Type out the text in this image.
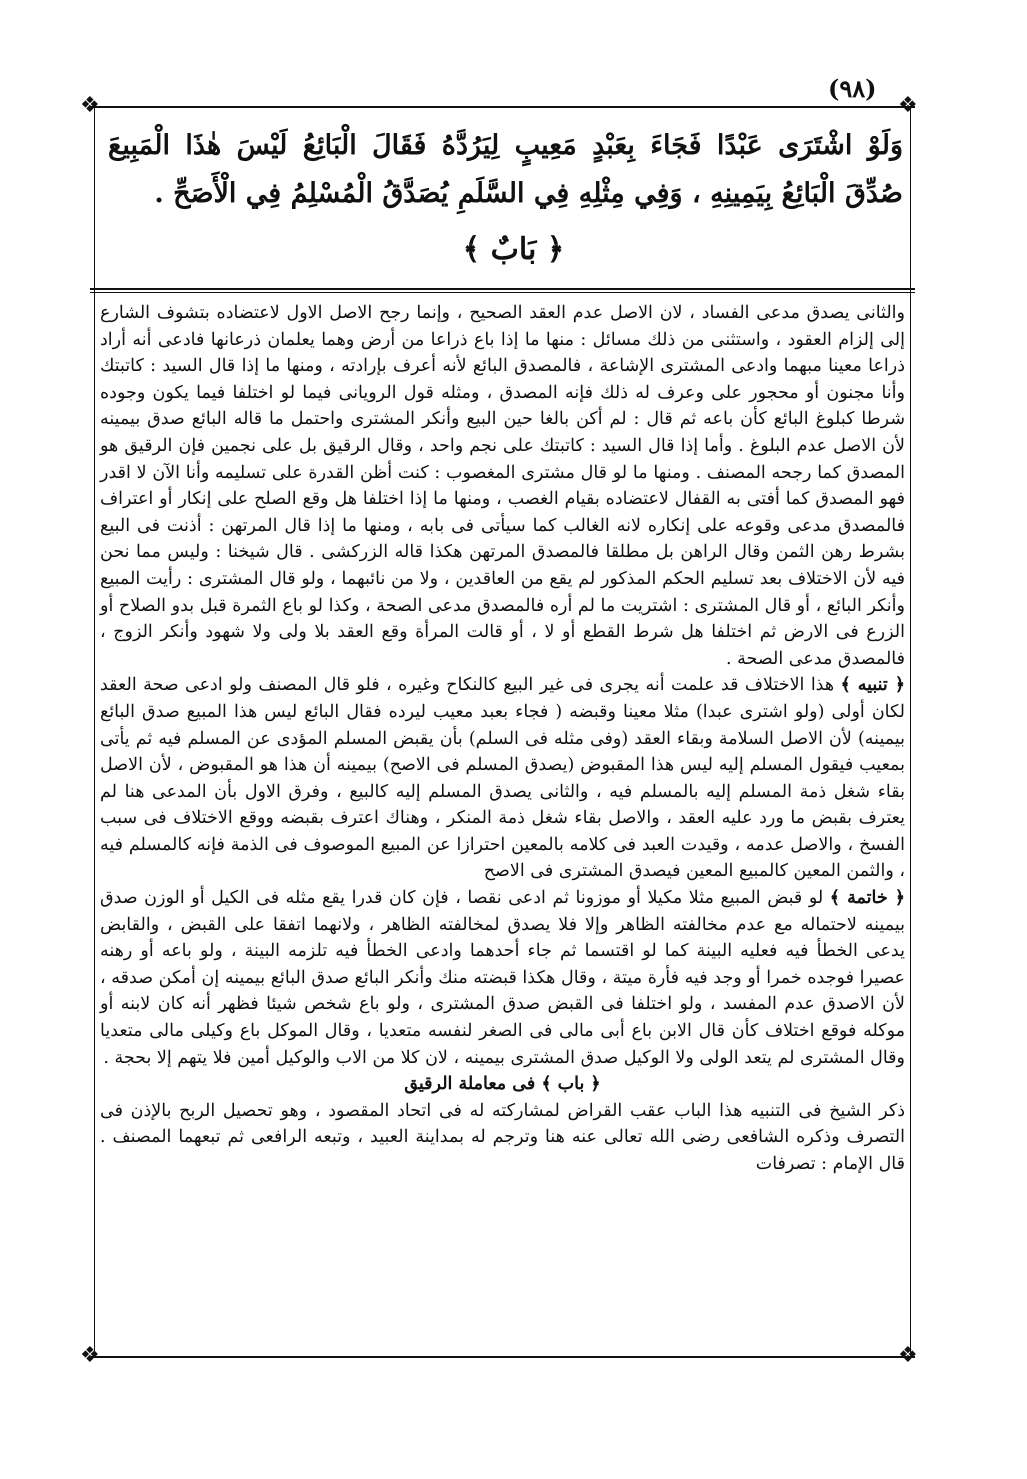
(٩٨)
❖	❖
❖	❖

وَلَوْ اشْتَرَى عَبْدًا فَجَاءَ بِعَبْدٍ مَعِيبٍ لِيَرُدَّهُ فَقَالَ الْبَائِعُ لَيْسَ هٰذَا الْمَبِيعَ صُدِّقَ الْبَائِعُ بِيَمِينِهِ ، وَفِي مِثْلِهِ فِي السَّلَمِ يُصَدَّقُ الْمُسْلِمُ فِي الْأَصَحِّ .

﴿ بَابٌ ﴾

والثانى يصدق مدعى الفساد ، لان الاصل عدم العقد الصحيح ، وإنما رجح الاصل الاول لاعتضاده بتشوف الشارع إلى إلزام العقود ، واستثنى من ذلك مسائل : منها ما إذا باع ذراعا من أرض وهما يعلمان ذرعانها فادعى أنه أراد ذراعا معينا مبهما وادعى المشترى الإشاعة ، فالمصدق البائع لأنه أعرف بإرادته ، ومنها ما إذا قال السيد : كاتبتك وأنا مجنون أو محجور على وعرف له ذلك فإنه المصدق ، ومثله قول الرويانى فيما لو اختلفا فيما يكون وجوده شرطا كبلوغ البائع كأن باعه ثم قال : لم أكن بالغا حين البيع وأنكر المشترى واحتمل ما قاله البائع صدق بيمينه لأن الاصل عدم البلوغ . وأما إذا قال السيد : كاتبتك على نجم واحد ، وقال الرقيق بل على نجمين فإن الرقيق هو المصدق كما رجحه المصنف . ومنها ما لو قال مشترى المغصوب : كنت أظن القدرة على تسليمه وأنا الآن لا اقدر فهو المصدق كما أفتى به القفال لاعتضاده بقيام الغصب ، ومنها ما إذا اختلفا هل وقع الصلح على إنكار أو اعتراف فالمصدق مدعى وقوعه على إنكاره لانه الغالب كما سيأتى فى بابه ، ومنها ما إذا قال المرتهن : أذنت فى البيع بشرط رهن الثمن وقال الراهن بل مطلقا فالمصدق المرتهن هكذا قاله الزركشى . قال شيخنا : وليس مما نحن فيه لأن الاختلاف بعد تسليم الحكم المذكور لم يقع من العاقدين ، ولا من نائبهما ، ولو قال المشترى : رأيت المبيع وأنكر البائع ، أو قال المشترى : اشتريت ما لم أره فالمصدق مدعى الصحة ، وكذا لو باع الثمرة قبل بدو الصلاح أو الزرع فى الارض ثم اختلفا هل شرط القطع أو لا ، أو قالت المرأة وقع العقد بلا ولى ولا شهود وأنكر الزوج ، فالمصدق مدعى الصحة .

﴿ تنبيه ﴾ هذا الاختلاف قد علمت أنه يجرى فى غير البيع كالنكاح وغيره ، فلو قال المصنف ولو ادعى صحة العقد لكان أولى (ولو اشترى عبدا) مثلا معينا وقبضه ( فجاء بعبد معيب ليرده فقال البائع ليس هذا المبيع صدق البائع بيمينه) لأن الاصل السلامة وبقاء العقد (وفى مثله فى السلم) بأن يقبض المسلم المؤدى عن المسلم فيه ثم يأتى بمعيب فيقول المسلم إليه ليس هذا المقبوض (يصدق المسلم فى الاصح) بيمينه أن هذا هو المقبوض ، لأن الاصل بقاء شغل ذمة المسلم إليه بالمسلم فيه ، والثانى يصدق المسلم إليه كالبيع ، وفرق الاول بأن المدعى هنا لم يعترف بقبض ما ورد عليه العقد ، والاصل بقاء شغل ذمة المنكر ، وهناك اعترف بقبضه ووقع الاختلاف فى سبب الفسخ ، والاصل عدمه ، وقيدت العبد فى كلامه بالمعين احترازا عن المبيع الموصوف فى الذمة فإنه كالمسلم فيه ، والثمن المعين كالمبيع المعين فيصدق المشترى فى الاصح

﴿ خاتمة ﴾ لو قبض المبيع مثلا مكيلا أو موزونا ثم ادعى نقصا ، فإن كان قدرا يقع مثله فى الكيل أو الوزن صدق بيمينه لاحتماله مع عدم مخالفته الظاهر وإلا فلا يصدق لمخالفته الظاهر ، ولانهما اتفقا على القبض ، والقابض يدعى الخطأ فيه فعليه البينة كما لو اقتسما ثم جاء أحدهما وادعى الخطأ فيه تلزمه البينة ، ولو باعه أو رهنه عصيرا فوجده خمرا أو وجد فيه فأرة ميتة ، وقال هكذا قبضته منك وأنكر البائع صدق البائع بيمينه إن أمكن صدقه ، لأن الاصدق عدم المفسد ، ولو اختلفا فى القبض صدق المشترى ، ولو باع شخص شيئا فظهر أنه كان لابنه أو موكله فوقع اختلاف كأن قال الابن باع أبى مالى فى الصغر لنفسه متعديا ، وقال الموكل باع وكيلى مالى متعديا وقال المشترى لم يتعد الولى ولا الوكيل صدق المشترى بيمينه ، لان كلا من الاب والوكيل أمين فلا يتهم إلا بحجة .

﴿ باب ﴾ فى معاملة الرقيق

ذكر الشيخ فى التنبيه هذا الباب عقب القراض لمشاركته له فى اتحاد المقصود ، وهو تحصيل الربح بالإذن فى التصرف وذكره الشافعى رضى الله تعالى عنه هنا وترجم له بمداينة العبيد ، وتبعه الرافعى ثم تبعهما المصنف . قال الإمام : تصرفات
